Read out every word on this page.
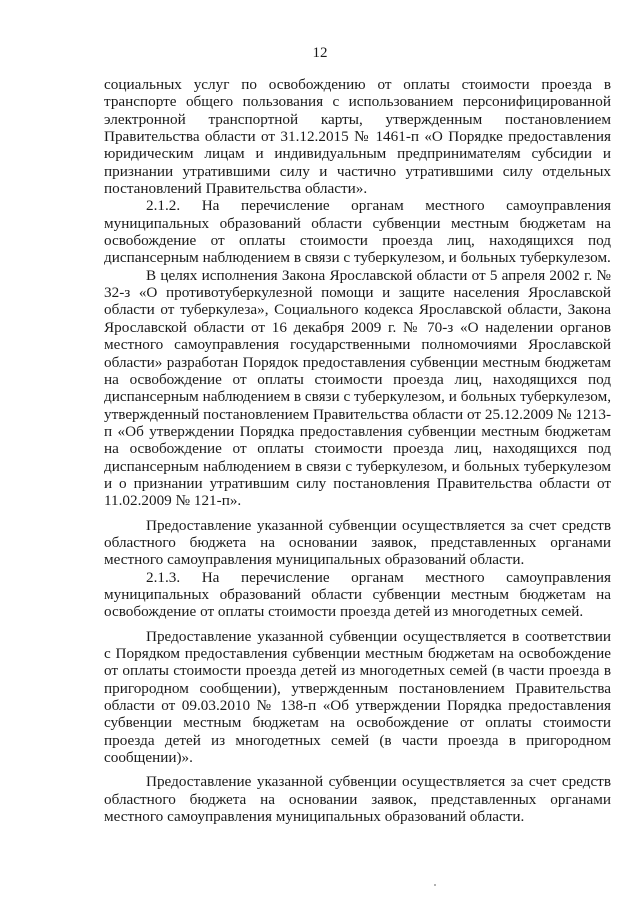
12

социальных услуг по освобождению от оплаты стоимости проезда в транспорте общего пользования с использованием персонифицированной электронной транспортной карты, утвержденным постановлением Правительства области от 31.12.2015 № 1461-п «О Порядке предоставления юридическим лицам и индивидуальным предпринимателям субсидии и признании утратившими силу и частично утратившими силу отдельных постановлений Правительства области».

2.1.2. На перечисление органам местного самоуправления муниципальных образований области субвенции местным бюджетам на освобождение от оплаты стоимости проезда лиц, находящихся под диспансерным наблюдением в связи с туберкулезом, и больных туберкулезом.

В целях исполнения Закона Ярославской области от 5 апреля 2002 г. № 32-з «О противотуберкулезной помощи и защите населения Ярославской области от туберкулеза», Социального кодекса Ярославской области, Закона Ярославской области от 16 декабря 2009 г. № 70-з «О наделении органов местного самоуправления государственными полномочиями Ярославской области» разработан Порядок предоставления субвенции местным бюджетам на освобождение от оплаты стоимости проезда лиц, находящихся под диспансерным наблюдением в связи с туберкулезом, и больных туберкулезом, утвержденный постановлением Правительства области от 25.12.2009 № 1213-п «Об утверждении Порядка предоставления субвенции местным бюджетам на освобождение от оплаты стоимости проезда лиц, находящихся под диспансерным наблюдением в связи с туберкулезом, и больных туберкулезом и о признании утратившим силу постановления Правительства области от 11.02.2009 № 121-п».

Предоставление указанной субвенции осуществляется за счет средств областного бюджета на основании заявок, представленных органами местного самоуправления муниципальных образований области.

2.1.3. На перечисление органам местного самоуправления муниципальных образований области субвенции местным бюджетам на освобождение от оплаты стоимости проезда детей из многодетных семей.

Предоставление указанной субвенции осуществляется в соответствии с Порядком предоставления субвенции местным бюджетам на освобождение от оплаты стоимости проезда детей из многодетных семей (в части проезда в пригородном сообщении), утвержденным постановлением Правительства области от 09.03.2010 № 138-п «Об утверждении Порядка предоставления субвенции местным бюджетам на освобождение от оплаты стоимости проезда детей из многодетных семей (в части проезда в пригородном сообщении)».

Предоставление указанной субвенции осуществляется за счет средств областного бюджета на основании заявок, представленных органами местного самоуправления муниципальных образований области.
